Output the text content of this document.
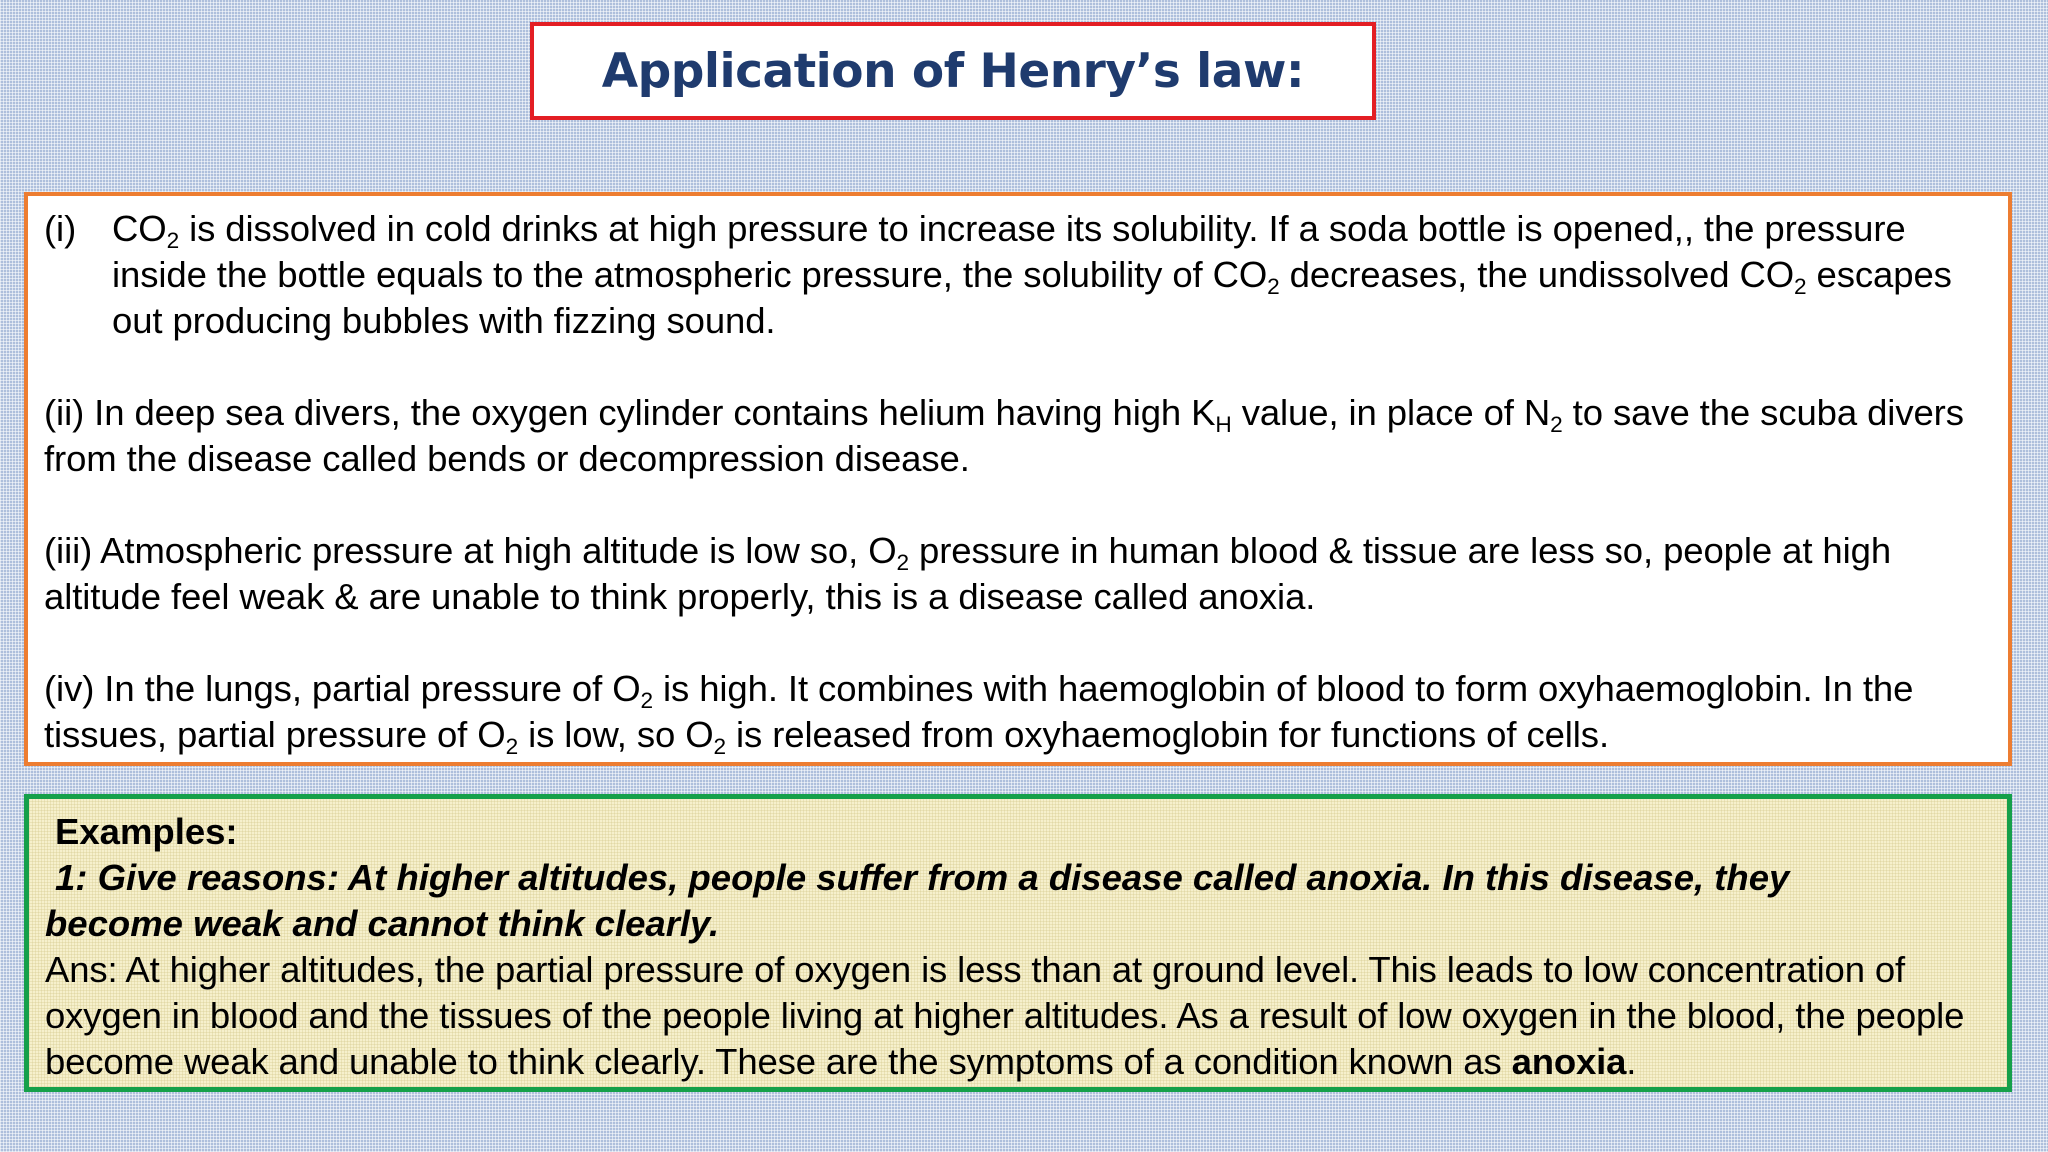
Application of Henry’s law:
(i) $CO_2$ is dissolved in cold drinks at high pressure to increase its solubility. If a soda bottle is opened,, the pressure inside the bottle equals to the atmospheric pressure, the solubility of $CO_2$ decreases, the undissolved $CO_2$ escapes out producing bubbles with fizzing sound.
(ii) In deep sea divers, the oxygen cylinder contains helium having high $K_H$ value, in place of $N_2$ to save the scuba divers from the disease called bends or decompression disease.
(iii) Atmospheric pressure at high altitude is low so, $O_2$ pressure in human blood & tissue are less so, people at high altitude feel weak & are unable to think properly, this is a disease called anoxia.
(iv) In the lungs, partial pressure of $O_2$ is high. It combines with haemoglobin of blood to form oxyhaemoglobin. In the tissues, partial pressure of $O_2$ is low, so $O_2$ is released from oxyhaemoglobin for functions of cells.
Examples:
1: Give reasons: At higher altitudes, people suffer from a disease called anoxia. In this disease, they
become weak and cannot think clearly.
Ans: At higher altitudes, the partial pressure of oxygen is less than at ground level. This leads to low concentration of oxygen in blood and the tissues of the people living at higher altitudes. As a result of low oxygen in the blood, the people become weak and unable to think clearly. These are the symptoms of a condition known as anoxia.
